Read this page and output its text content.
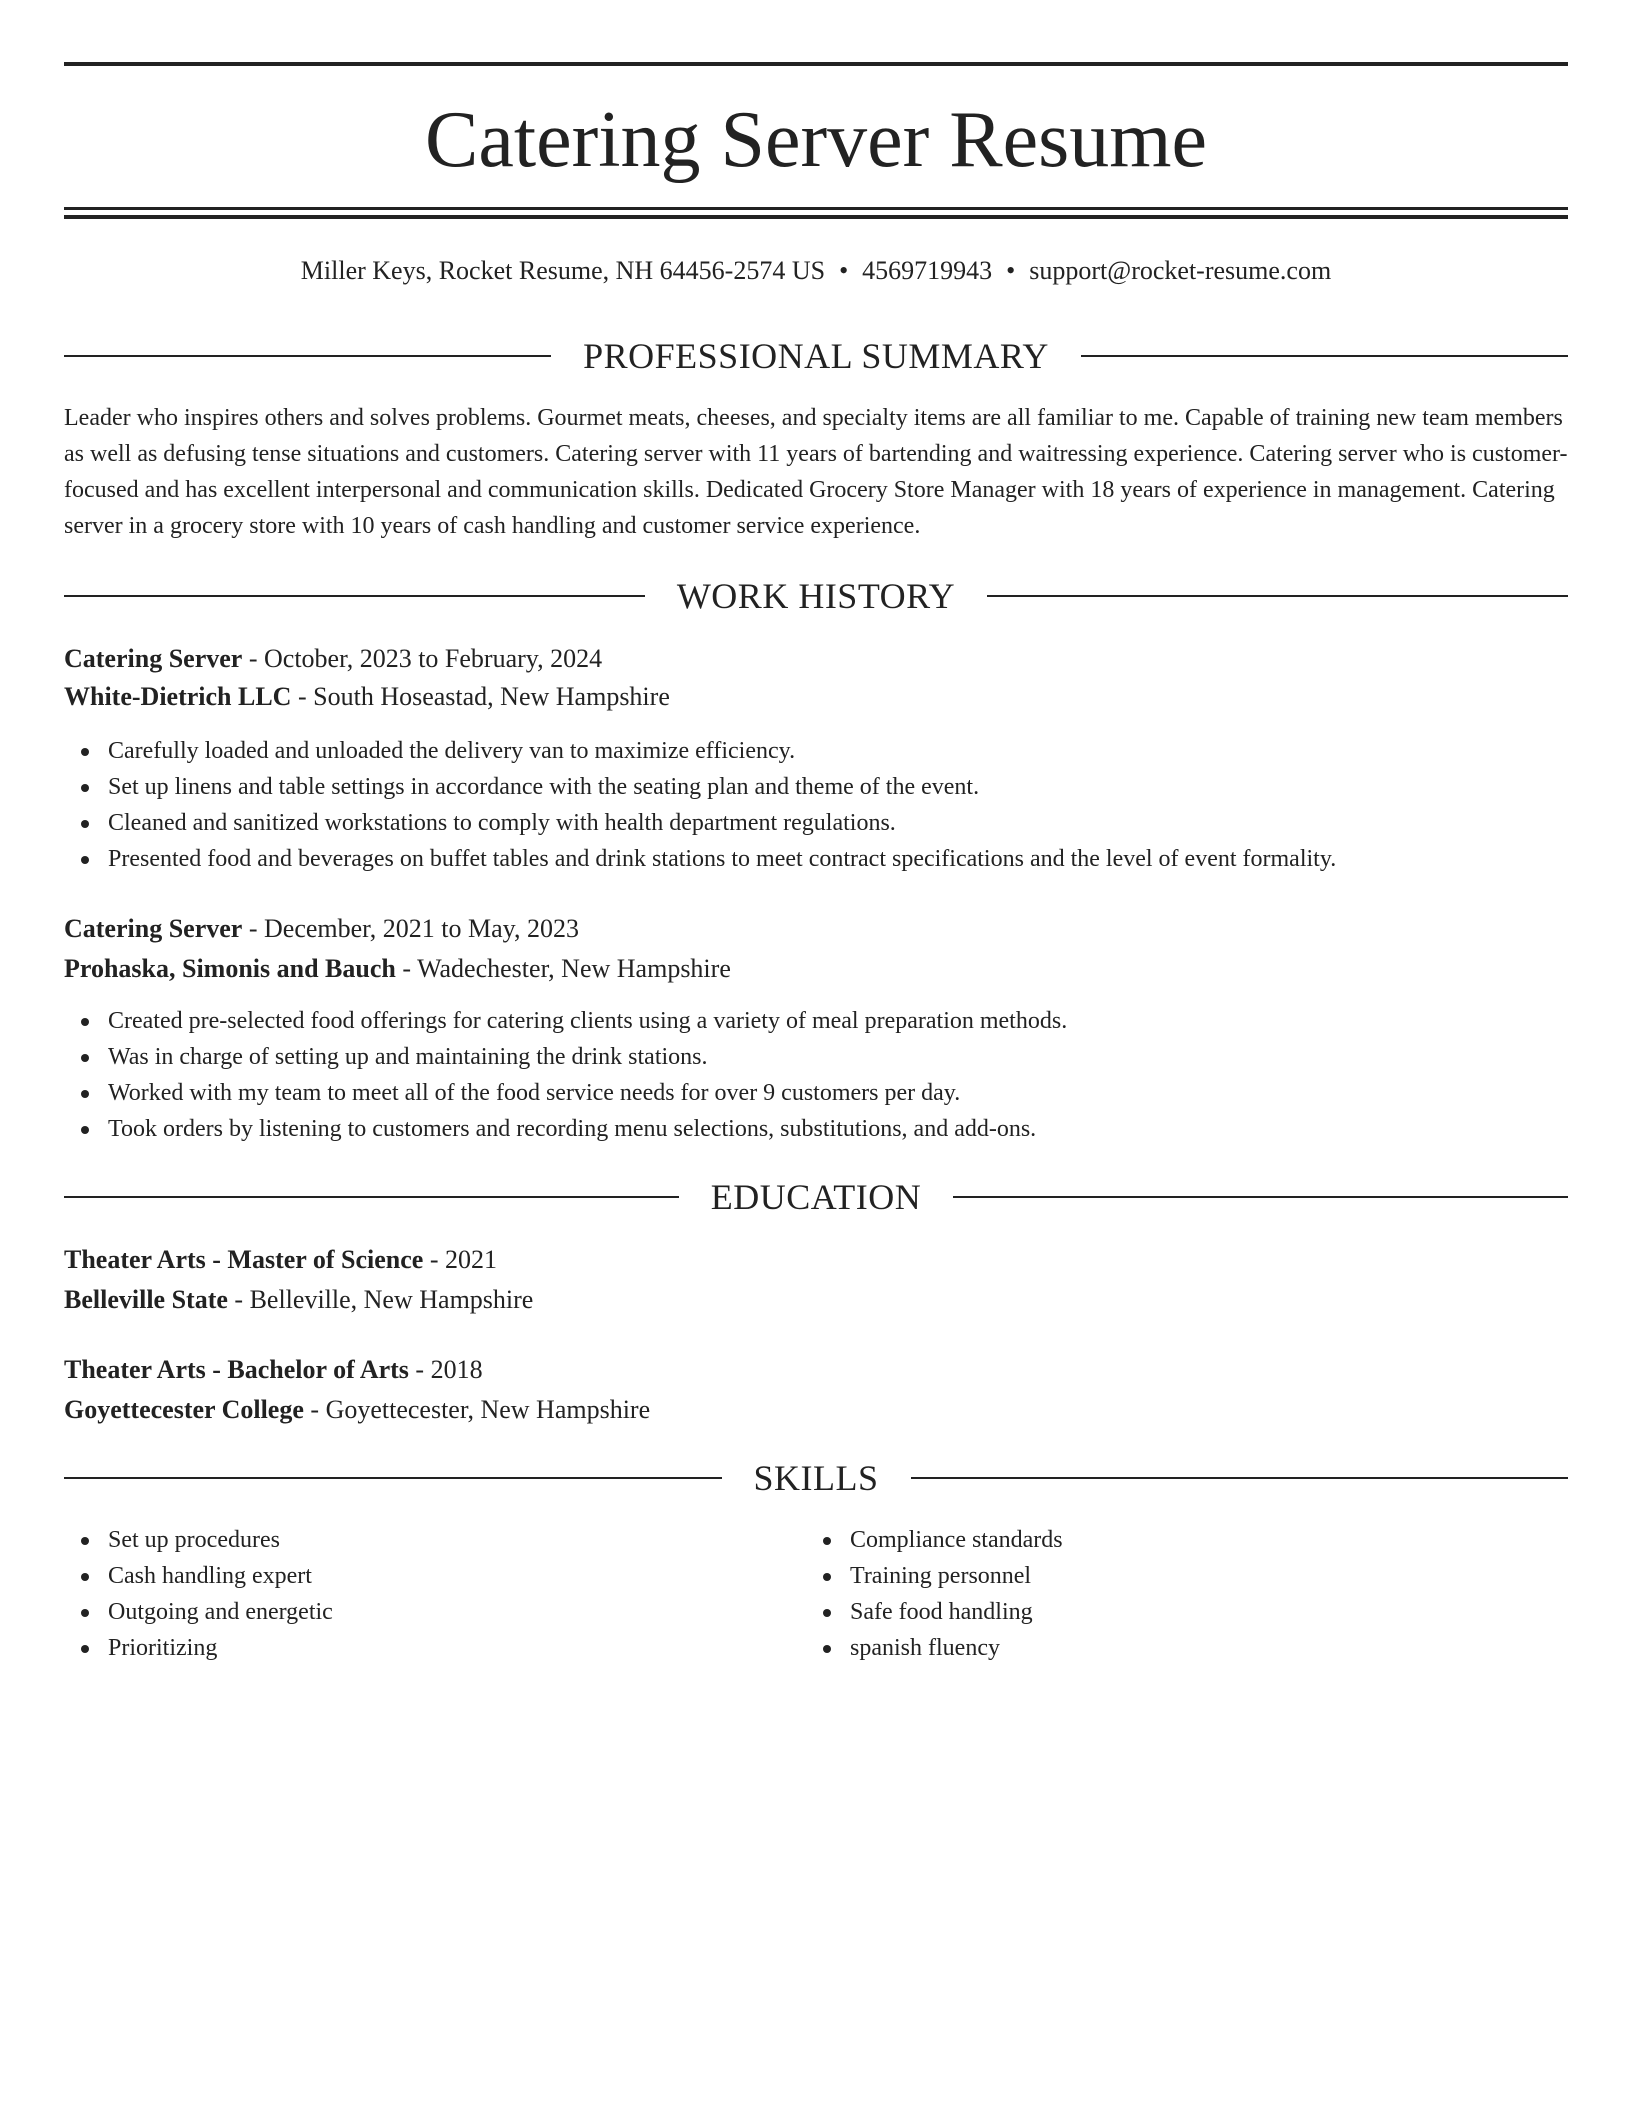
Catering Server Resume
Miller Keys, Rocket Resume, NH 64456-2574 US • 4569719943 • support@rocket-resume.com
PROFESSIONAL SUMMARY

Leader who inspires others and solves problems. Gourmet meats, cheeses, and specialty items are all familiar to me. Capable of training new team members as well as defusing tense situations and customers. Catering server with 11 years of bartending and waitressing experience. Catering server who is customer-focused and has excellent interpersonal and communication skills. Dedicated Grocery Store Manager with 18 years of experience in management. Catering server in a grocery store with 10 years of cash handling and customer service experience.

WORK HISTORY
Catering Server - October, 2023 to February, 2024
White-Dietrich LLC - South Hoseastad, New Hampshire
Carefully loaded and unloaded the delivery van to maximize efficiency.
Set up linens and table settings in accordance with the seating plan and theme of the event.
Cleaned and sanitized workstations to comply with health department regulations.
Presented food and beverages on buffet tables and drink stations to meet contract specifications and the level of event formality.
Catering Server - December, 2021 to May, 2023
Prohaska, Simonis and Bauch - Wadechester, New Hampshire
Created pre-selected food offerings for catering clients using a variety of meal preparation methods.
Was in charge of setting up and maintaining the drink stations.
Worked with my team to meet all of the food service needs for over 9 customers per day.
Took orders by listening to customers and recording menu selections, substitutions, and add-ons.
EDUCATION
Theater Arts - Master of Science - 2021
Belleville State - Belleville, New Hampshire
Theater Arts - Bachelor of Arts - 2018
Goyettecester College - Goyettecester, New Hampshire
SKILLS
Set up procedures
Cash handling expert
Outgoing and energetic
Prioritizing
Compliance standards
Training personnel
Safe food handling
spanish fluency
